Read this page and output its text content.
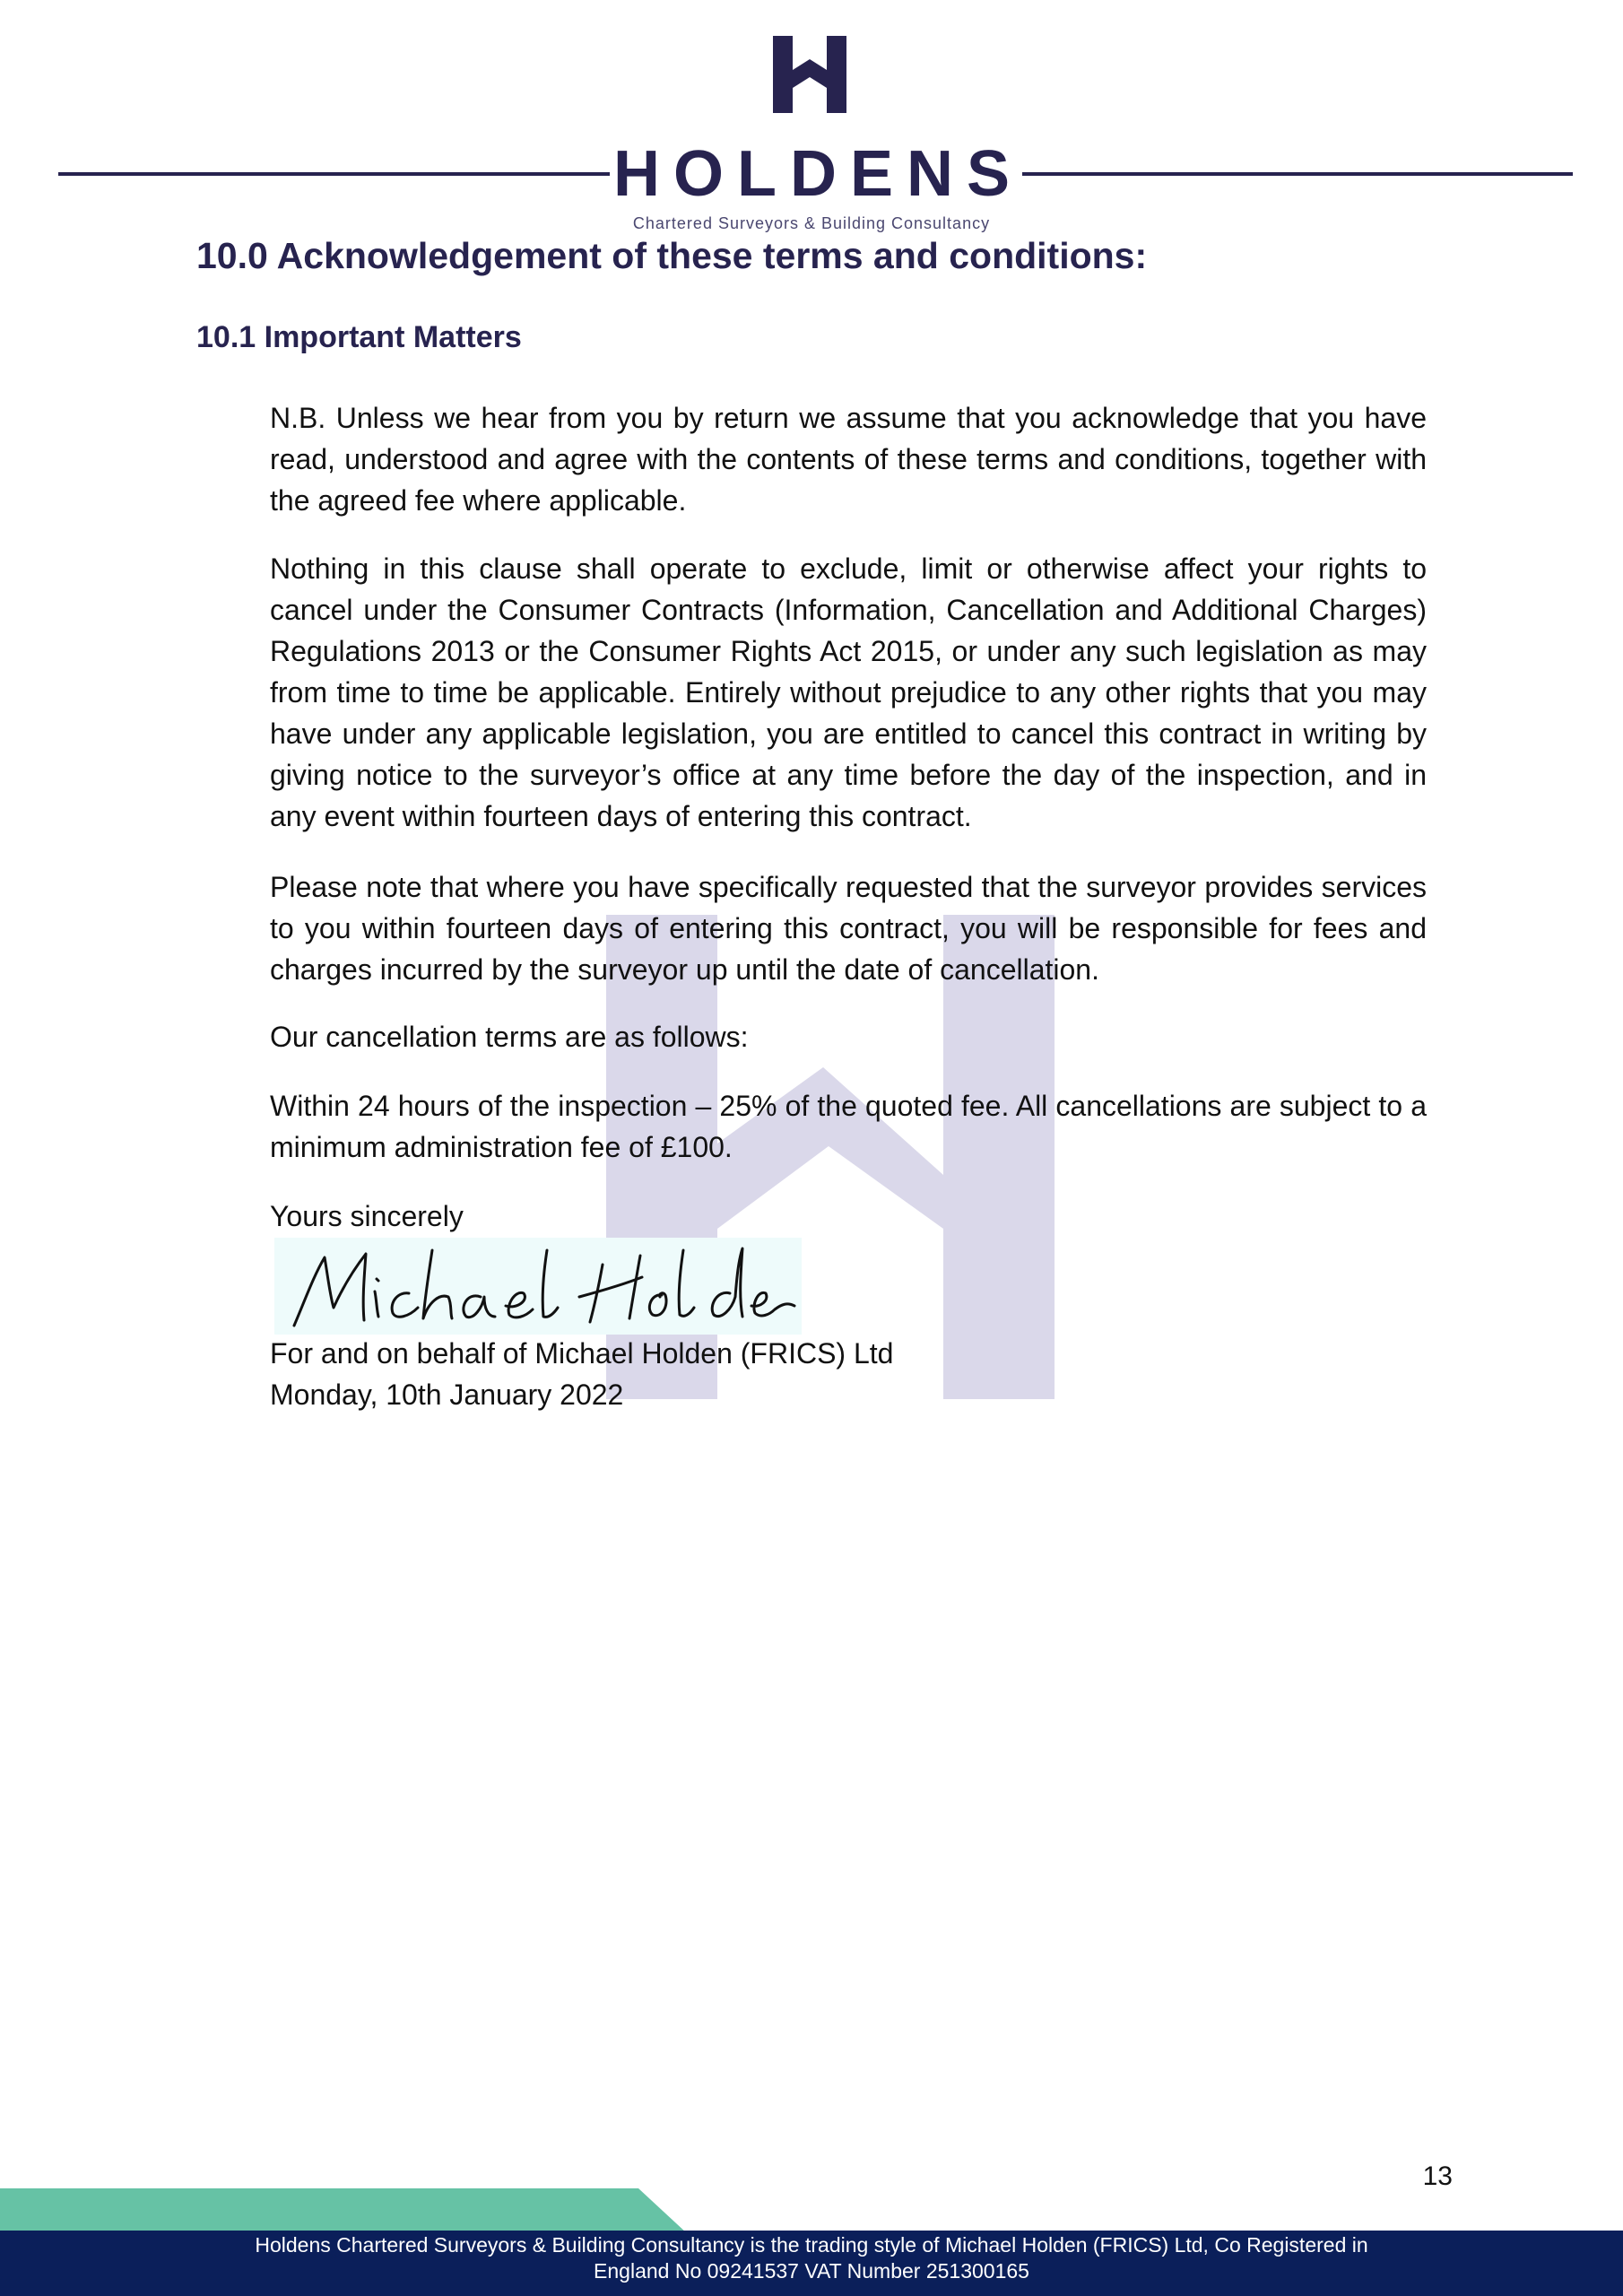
HOLDENS
Chartered Surveyors & Building Consultancy
10.0 Acknowledgement of these terms and conditions:
10.1 Important Matters

N.B. Unless we hear from you by return we assume that you acknowledge that you have read, understood and agree with the contents of these terms and conditions, together with the agreed fee where applicable.

Nothing in this clause shall operate to exclude, limit or otherwise affect your rights to cancel under the Consumer Contracts (Information, Cancellation and Additional Charges) Regulations 2013 or the Consumer Rights Act 2015, or under any such legislation as may from time to time be applicable. Entirely without prejudice to any other rights that you may have under any applicable legislation, you are entitled to cancel this contract in writing by giving notice to the surveyor’s office at any time before the day of the inspection, and in any event within fourteen days of entering this contract.

Please note that where you have specifically requested that the surveyor provides services to you within fourteen days of entering this contract, you will be responsible for fees and charges incurred by the surveyor up until the date of cancellation.

Our cancellation terms are as follows:

Within 24 hours of the inspection – 25% of the quoted fee. All cancellations are subject to a minimum administration fee of £100.

Yours sincerely

For and on behalf of Michael Holden (FRICS) Ltd

Monday, 10th January 2022

13
Holdens Chartered Surveyors & Building Consultancy is the trading style of Michael Holden (FRICS) Ltd, Co Registered in
England No 09241537 VAT Number 251300165
